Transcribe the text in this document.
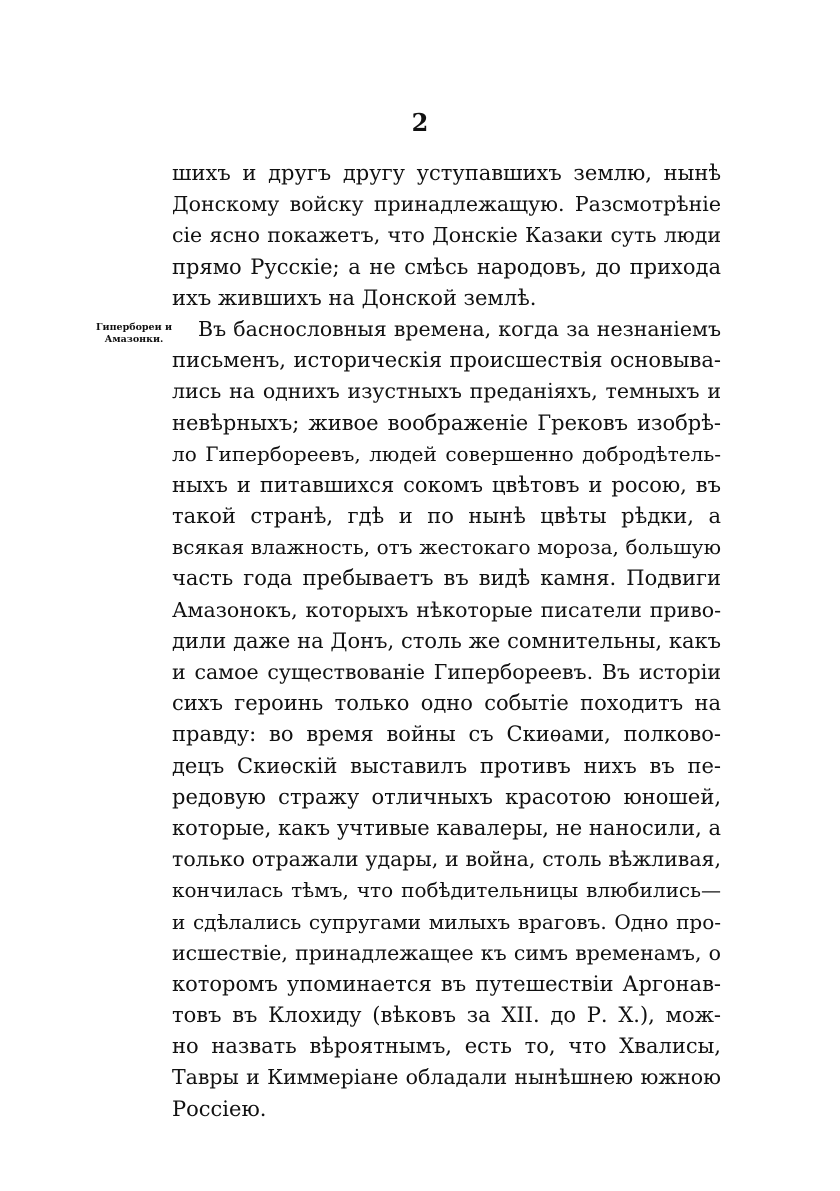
2
Гипербореи и
Амазонки.
шихъ и другъ другу уступавшихъ землю, нынѣ
Донскому войску принадлежащую. Разсмотрѣніе
сіе ясно покажетъ, что Донскіе Казаки суть люди
прямо Русскіе; а не смѣсь народовъ, до прихода
ихъ жившихъ на Донской землѣ.
Въ баснословныя времена, когда за незнаніемъ
письменъ, историческія происшествія основыва-
лись на однихъ изустныхъ преданіяхъ, темныхъ и
невѣрныхъ; живое воображеніе Грековъ изобрѣ-
ло Гипербореевъ, людей совершенно добродѣтель-
ныхъ и питавшихся сокомъ цвѣтовъ и росою, въ
такой странѣ, гдѣ и по нынѣ цвѣты рѣдки, а
всякая влажность, отъ жестокаго мороза, большую
часть года пребываетъ въ видѣ камня. Подвиги
Амазонокъ, которыхъ нѣкоторые писатели приво-
дили даже на Донъ, столь же сомнительны, какъ
и самое существованіе Гипербореевъ. Въ исторіи
сихъ героинь только одно событіе походитъ на
правду: во время войны съ Скиѳами, полково-
децъ Скиѳскій выставилъ противъ нихъ въ пе-
редовую стражу отличныхъ красотою юношей,
которые, какъ учтивые кавалеры, не наносили, а
только отражали удары, и война, столь вѣжливая,
кончилась тѣмъ, что побѣдительницы влюбились—
и сдѣлались супругами милыхъ враговъ. Одно про-
исшествіе, принадлежащее къ симъ временамъ, о
которомъ упоминается въ путешествіи Аргонав-
товъ въ Клохиду (вѣковъ за XII. до Р. Х.), мож-
но назвать вѣроятнымъ, есть то, что Хвалисы,
Тавры и Киммеріане обладали нынѣшнею южною
Россіею.
